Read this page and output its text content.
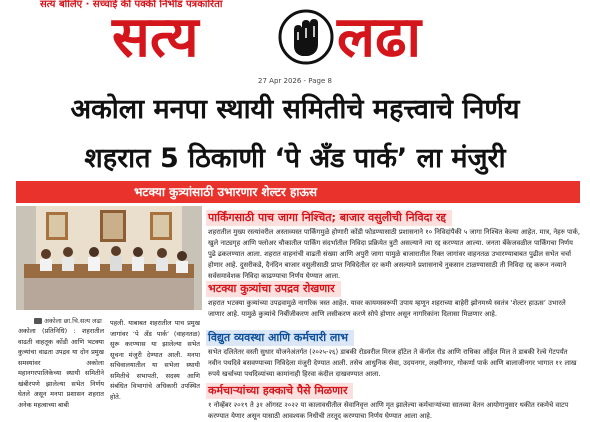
सत्य बोलिए · सच्चाई की पक्की निर्भीड पत्रकारिता
सत्य लढा
27 Apr 2026 - Page 8
अकोला मनपा स्थायी समितीचे महत्त्वाचे निर्णय
शहरात 5 ठिकाणी ‘पे अँड पार्क’ ला मंजुरी
भटक्या कुत्र्यांसाठी उभारणार शेल्टर हाऊस
अकोला छा.चि.सत्य लढा
अकोला (प्रतिनिधि) : शहरातील वाढती वाहतूक कोंडी आणि भटक्या कुत्र्यांचा वाढता उपद्रव या दोन प्रमुख समस्यांवर अकोला महानगरपालिकेच्या स्थायी समितीने खंबीरपणे झालेल्या सभेत निर्णय घेतले असून मनपा प्रशासन शहरात अनेक महत्वाच्या बाबी
पहली. याबाबत शहरातील पाच प्रमुख जागांवर ‘पे अँड पार्क’ (वाहनतळ) सुरू करण्यास या झालेल्या सभेत सूचना मंजुरी देण्यात आली. मनपा सचिवालयातील या सभेला स्थायी समितीचे सभापती, सदस्य आणि संबंधित विभागांचे अधिकारी उपस्थित होते.
पार्किंगसाठी पाच जागा निश्चित; बाजार वसुलीची निविदा रद्द
शहरातील मुख्य रस्त्यांवरील अस्ताव्यस्त पार्किंगमुळे होणारी कोंडी फोडण्यासाठी प्रशासनाने १० निविदांपैकी ५ जागा निश्चित केल्या आहेत. मात्र, नेहरु पार्क, खुले नाट्यगृह आणि फ्लोअर चौकातील पार्किंग संदर्भातील निविदा प्रक्रियेत त्रुटी असल्याने त्या रद्द करण्यात आल्या. जनता बँकेजवळील पार्किंगचा निर्णय पुढे ढकलण्यात आला. शहरात वाहनांची वाढती संख्या आणि अपुरी जागा यामुळे बाजारातील रिक्त जागांवर वाहनतळ उभारण्याबाबत पुढील सभेत चर्चा होणार आहे. दुसरीकडे, दैनंदिन बाजार वसुलीसाठी प्राप्त निविदेतील दर कमी असल्याने प्रशासनाचे नुकसान टाळण्यासाठी ती निविदा रद्द करून नव्याने सर्वसमावेशक निविदा काढण्याचा निर्णय घेण्यात आला.
भटक्या कुत्र्यांचा उपद्रव रोखणार
शहरात भटक्या कुत्र्यांच्या उपद्रवामुळे नागरिक त्रस्त आहेत. यावर कायमस्वरूपी उपाय म्हणून शहराच्या बाहेरी झोनमध्ये स्वतंत्र ‘शेल्टर हाऊस’ उभारले जाणार आहे. यामुळे कुत्र्यांचे निर्बीजीकरण आणि लसीकरण करणे सोपे होणार असून नागरिकांना दिलासा मिळणार आहे.
विद्युत व्यवस्था आणि कर्मचारी लाभ
सभेत दलितेतर वस्ती सुधार योजनेअंतर्गत (२०२५-२६) डाबकी रोडवरील मिरज हॉटेल ते कॅनॉल रोड आणि राधिका ऑईल मिल ते डाबकी रेल्वे गेटपर्यंत नवीन पथदिवे बसवण्याच्या निविदेला मंजुरी देण्यात आली. तसेच आधुनिक सेवा, उदयनगर, लक्ष्मीनगर, गोकर्णा पार्क आणि बालाजीनगर भागात ११ लाख रुपये खर्चाच्या पथदिव्यांच्या कामांनाही हिरवा कंदील दाखवण्यात आला.
कर्मचाऱ्यांच्या हक्काचे पैसे मिळणार
१ नोव्हेंबर २०१९ ते ३१ ऑगस्ट २०२२ या कालावधीतील सेवानिवृत्त आणि मृत झालेल्या कर्मचाऱ्यांच्या सातव्या वेतन आयोगानुसार थकीत रकमेचे वाटप करण्यात येणार असून यासाठी आवश्यक निधीची तरतूद करण्याचा निर्णय घेण्यात आला आहे.
